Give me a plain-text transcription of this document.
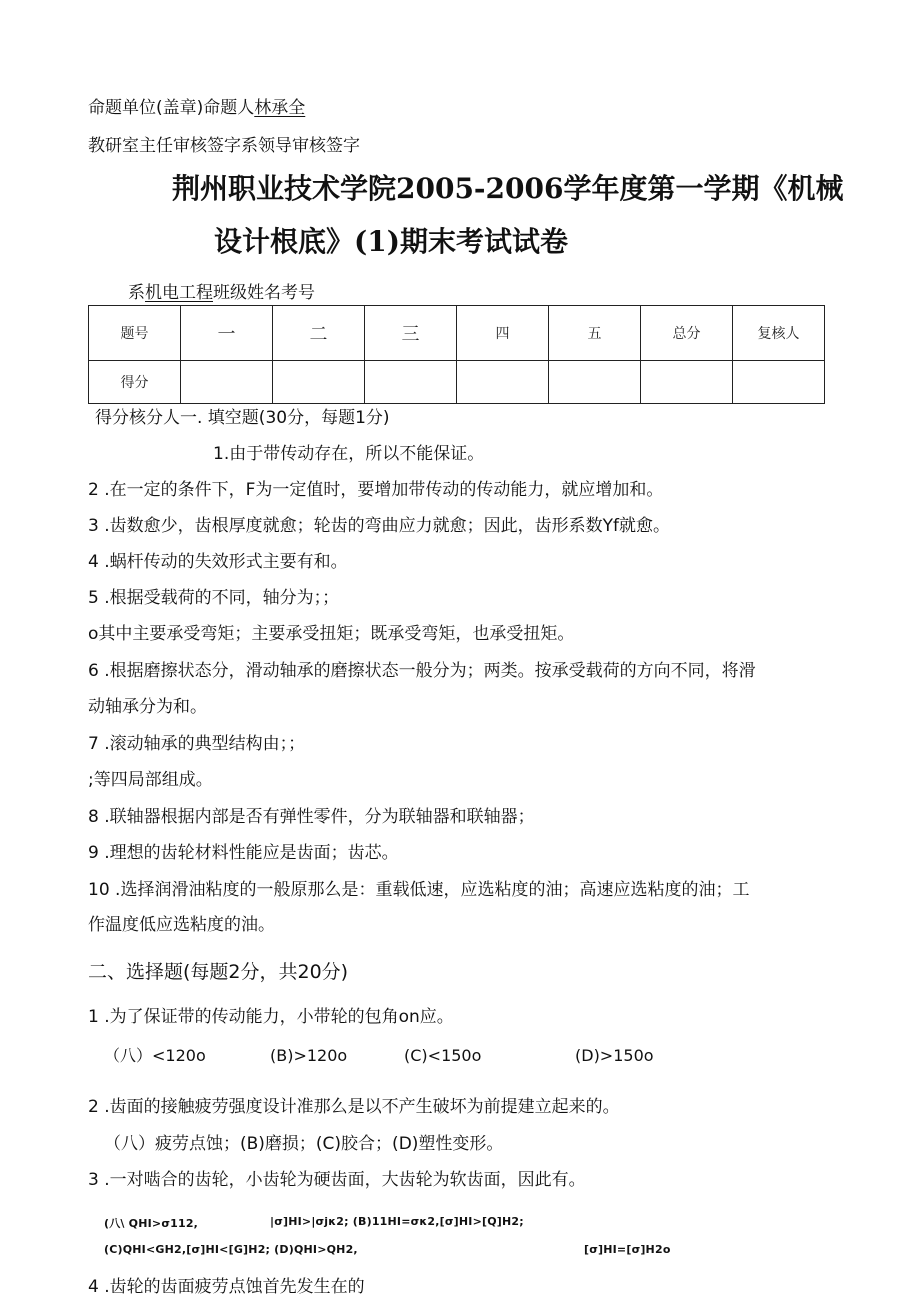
命题单位(盖章)命题人林承全
教研室主任审核签字系领导审核签字
荆州职业技术学院2005-2006学年度第一学期《机械
设计根底》(1)期末考试试卷
系机电工程班级姓名考号
题号	一	二	三	四	五	总分	复核人
得分							
得分核分人一. 填空题(30分，每题1分)
1.由于带传动存在，所以不能保证。
2 .在一定的条件下，F为一定值时，要增加带传动的传动能力，就应增加和。
3 .齿数愈少，齿根厚度就愈；轮齿的弯曲应力就愈；因此，齿形系数Yf就愈。
4 .蜗杆传动的失效形式主要有和。
5 .根据受载荷的不同，轴分为；；
o其中主要承受弯矩；主要承受扭矩；既承受弯矩，也承受扭矩。
6 .根据磨擦状态分，滑动轴承的磨擦状态一般分为；两类。按承受载荷的方向不同，将滑
动轴承分为和。
7 .滚动轴承的典型结构由；；
;等四局部组成。
8 .联轴器根据内部是否有弹性零件，分为联轴器和联轴器；
9 .理想的齿轮材料性能应是齿面；齿芯。
10 .选择润滑油粘度的一般原那么是：重载低速，应选粘度的油；高速应选粘度的油；工
作温度低应选粘度的油。
二、选择题(每题2分，共20分)
1 .为了保证带的传动能力，小带轮的包角on应。
（八）<120o	(B)>120o	(C)<150o	(D)>150o
2 .齿面的接触疲劳强度设计准那么是以不产生破坏为前提建立起来的。
（八）疲劳点蚀；(B)磨损；(C)胶合；(D)塑性变形。
3 .一对啮合的齿轮，小齿轮为硬齿面，大齿轮为软齿面，因此有。
(八\ QHI>σ112,	|σ]HI>|σjκ2; (B)11HI=σκ2,[σ]HI>[Q]H2;
(C)QHI<GH2,[σ]HI<[G]H2; (D)QHI>QH2,	[σ]HI=[σ]H2o
4 .齿轮的齿面疲劳点蚀首先发生在的
